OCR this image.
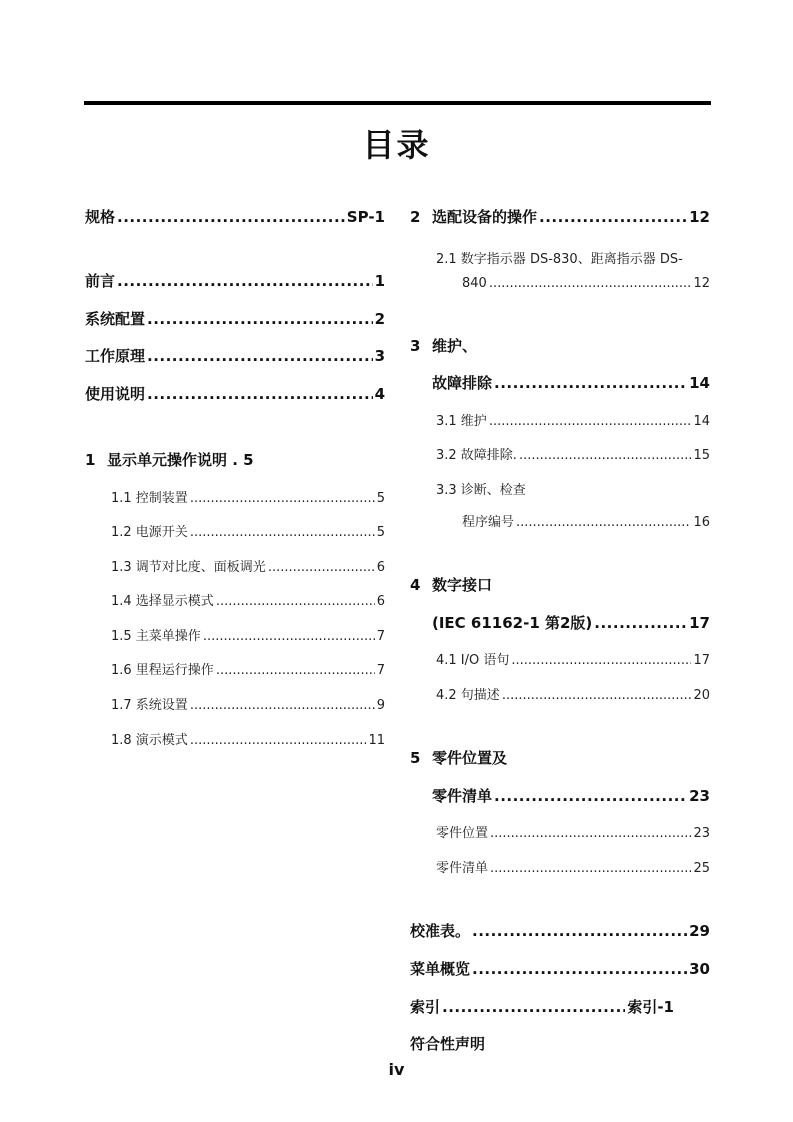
目录
规格 .....	SP-1
前言 .....	1
系统配置 .....	2
工作原理 .....	3
使用说明 .....	4
1 显示单元操作说明 . 5
1.1 控制装置 .....	5
1.2 电源开关 .....	5
1.3 调节对比度、面板调光 .....	6
1.4 选择显示模式 .....	6
1.5 主菜单操作 .....	7
1.6 里程运行操作 .....	7
1.7 系统设置 .....	9
1.8 演示模式 .....	11
2 选配设备的操作 .....	12
2.1 数字指示器 DS-830、距离指示器 DS-
840 .....	12
3 维护、
故障排除 .....	14
3.1 维护 .....	14
3.2 故障排除. .....	15
3.3 诊断、检查
程序编号 .....	16
4 数字接口
(IEC 61162-1 第2版) .....	17
4.1 I/O 语句 .....	17
4.2 句描述 .....	20
5 零件位置及
零件清单 .....	23
零件位置 .....	23
零件清单 .....	25
校准表。 .....	29
菜单概览 .....	30
索引 .....	索引-1
符合性声明
iv
